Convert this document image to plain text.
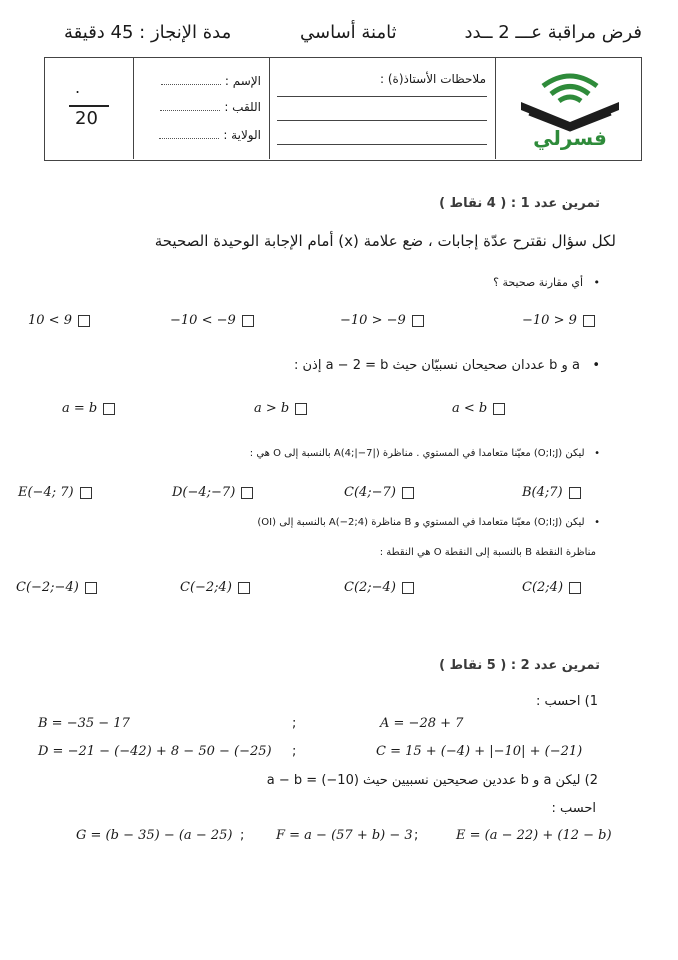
فرض مراقبة عـــ 2 ــدد
ثامنة أساسي
مدة الإنجاز : 45 دقيقة
.
20
الإسم :
اللقب :
الولاية :
ملاحظات الأستاذ(ة) :
فسرلي
تمرين عدد 1 : ( 4 نقاط )
لكل سؤال نقترح عدّة إجابات ، ضع علامة (x) أمام الإجابة الوحيدة الصحيحة
•   أي مقارنة صحيحة ؟
−10 > 9
−10 > −9
−10 < −9
10 < 9
•   a و b عددان صحيحان نسبيّان حيث a − 2 = b إذن :
a < b
a > b
a = b
•   ليكن (O;I;J) معيّنا متعامدا في المستوي . مناظرة A(4;|−7|) بالنسبة إلى O هي :
B(4;7)
C(4;−7)
D(−4;−7)
E(−4; 7)
•   ليكن (O;I;J) معيّنا متعامدا في المستوي و B مناظرة A(−2;4) بالنسبة إلى (OI)
مناظرة النقطة B بالنسبة إلى النقطة O هي النقطة :
C(2;4)
C(2;−4)
C(−2;4)
C(−2;−4)
تمرين عدد 2 : ( 5 نقاط )
1) احسب :
A = −28 + 7
;
B = −35 − 17
C = 15 + (−4) + |−10| + (−21)
;
D = −21 − (−42) + 8 − 50 − (−25)
2) ليكن a و b عددين صحيحين نسبيين حيث a − b = (−10)
احسب :
E = (a − 22) + (12 − b)
;
F = a − (57 + b) − 3
;
G = (b − 35) − (a − 25)
